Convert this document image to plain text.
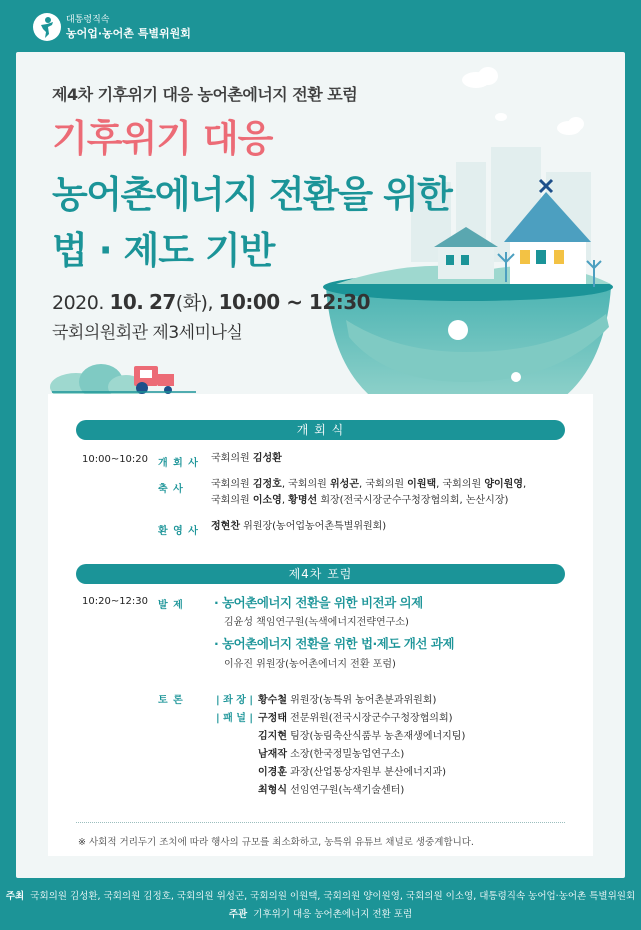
대통령직속
농어업·농어촌 특별위원회
제4차 기후위기 대응 농어촌에너지 전환 포럼
기후위기 대응
농어촌에너지 전환을 위한
법 · 제도 기반
2020. 10. 27(화), 10:00 ~ 12:30
국회의원회관 제3세미나실
개 회 식
10:00~10:20 개 회 사 국회의원 김성환
축 사	국회의원 김정호, 국회의원 위성곤, 국회의원 이원택, 국회의원 양이원영,
국회의원 이소영, 황명선 회장(전국시장군수구청장협의회, 논산시장)
환 영 사 정현찬 위원장(농어업농어촌특별위원회)
제4차 포럼
10:20~12:30 발 제 · 농어촌에너지 전환을 위한 비전과 의제
김윤성 책임연구원(녹색에너지전략연구소)
· 농어촌에너지 전환을 위한 법·제도 개선 과제
이유진 위원장(농어촌에너지 전환 포럼)
토 론	| 좌 장 |
| 패 널 |
황수철 위원장(농특위 농어촌분과위원회)
구정태 전문위원(전국시장군수구청장협의회)
김지현 팀장(농림축산식품부 농촌재생에너지팀)
남재작 소장(한국정밀농업연구소)
이경훈 과장(산업통상자원부 분산에너지과)
최형식 선임연구원(녹색기술센터)
※ 사회적 거리두기 조치에 따라 행사의 규모를 최소화하고, 농특위 유튜브 채널로 생중계합니다.
주최 국회의원 김성환, 국회의원 김정호, 국회의원 위성곤, 국회의원 이원택, 국회의원 양이원영, 국회의원 이소영, 대통령직속 농어업·농어촌 특별위원회
주관 기후위기 대응 농어촌에너지 전환 포럼
